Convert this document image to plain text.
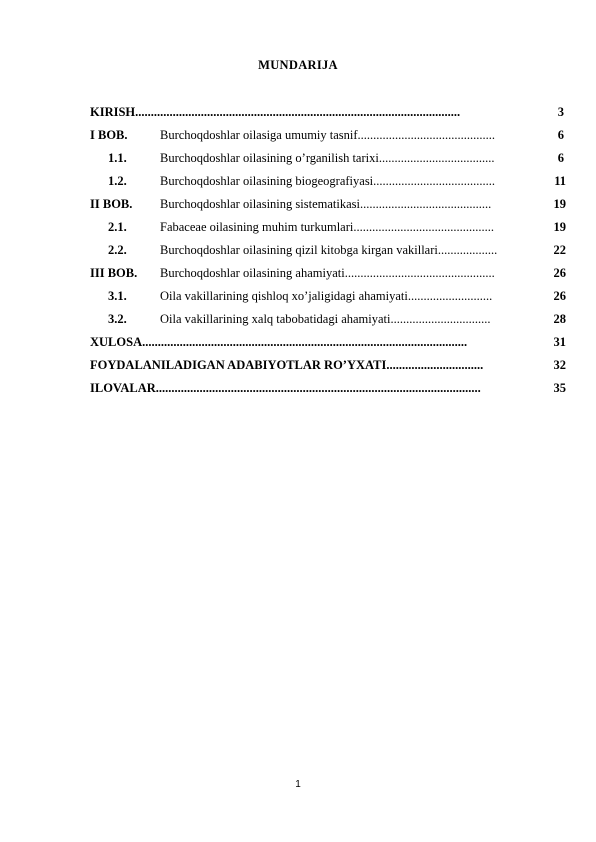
MUNDARIJA
KIRISH........................................................................................................	3
I BOB.	Burchoqdoshlar oilasiga umumiy tasnif............................................	6
1.1.	Burchoqdoshlar oilasining o’rganilish tarixi.....................................	6
1.2.	Burchoqdoshlar oilasining biogeografiyasi.......................................	11
II BOB. Burchoqdoshlar oilasining sistematikasi..........................................	19
2.1.	Fabaceae oilasining muhim turkumlari.............................................	19
2.2.	Burchoqdoshlar oilasining qizil kitobga kirgan vakillari...................	22
III BOB. Burchoqdoshlar oilasining ahamiyati................................................	26
3.1.	Oila vakillarining qishloq xo’jaligidagi ahamiyati...........................	26
3.2.	Oila vakillarining xalq tabobatidagi ahamiyati................................	28
XULOSA........................................................................................................	31
FOYDALANILADIGAN ADABIYOTLAR RO’YXATI...............................	32
ILOVALAR........................................................................................................	35
1
